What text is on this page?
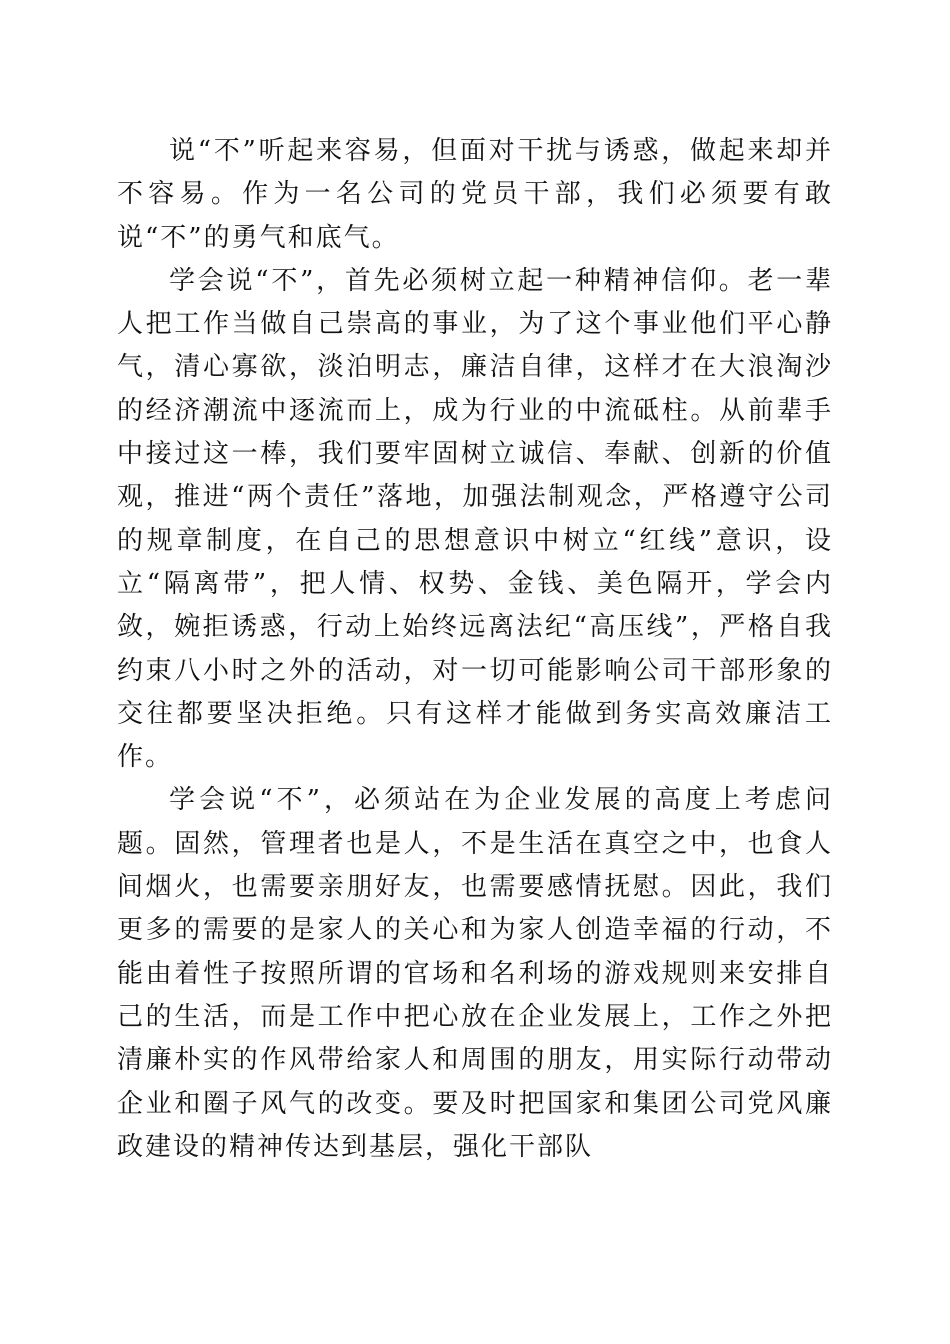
说“不”听起来容易，但面对干扰与诱惑，做起来却并不容易。作为一名公司的党员干部，我们必须要有敢说“不”的勇气和底气。

学会说“不”，首先必须树立起一种精神信仰。老一辈人把工作当做自己崇高的事业，为了这个事业他们平心静气，清心寡欲，淡泊明志，廉洁自律，这样才在大浪淘沙的经济潮流中逐流而上，成为行业的中流砥柱。从前辈手中接过这一棒，我们要牢固树立诚信、奉献、创新的价值观，推进“两个责任”落地，加强法制观念，严格遵守公司的规章制度，在自己的思想意识中树立“红线”意识，设立“隔离带”，把人情、权势、金钱、美色隔开，学会内敛，婉拒诱惑，行动上始终远离法纪“高压线”，严格自我约束八小时之外的活动，对一切可能影响公司干部形象的交往都要坚决拒绝。只有这样才能做到务实高效廉洁工作。

学会说“不”，必须站在为企业发展的高度上考虑问题。固然，管理者也是人，不是生活在真空之中，也食人间烟火，也需要亲朋好友，也需要感情抚慰。因此，我们更多的需要的是家人的关心和为家人创造幸福的行动，不能由着性子按照所谓的官场和名利场的游戏规则来安排自己的生活，而是工作中把心放在企业发展上，工作之外把清廉朴实的作风带给家人和周围的朋友，用实际行动带动企业和圈子风气的改变。要及时把国家和集团公司党风廉政建设的精神传达到基层，强化干部队
